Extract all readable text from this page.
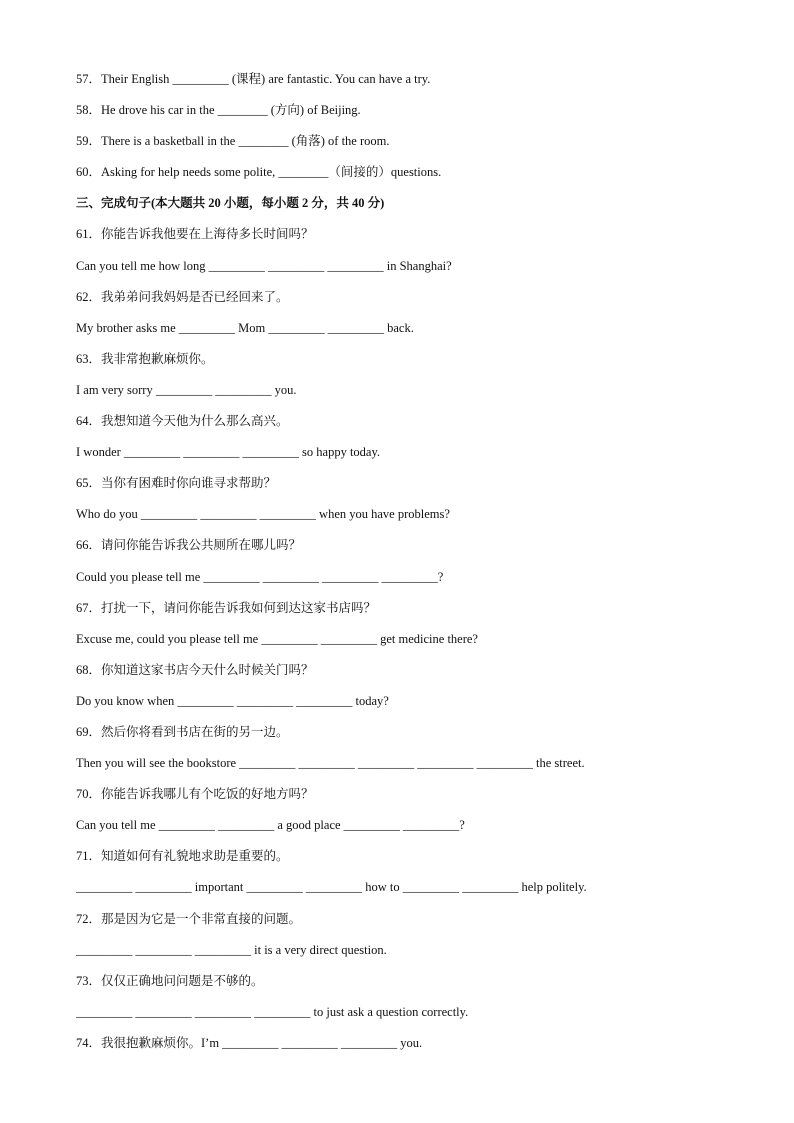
57．Their English _________ (课程) are fantastic. You can have a try.
58．He drove his car in the ________ (方向) of Beijing.
59．There is a basketball in the ________ (角落) of the room.
60．Asking for help needs some polite, ________（间接的）questions.
三、完成句子(本大题共 20 小题，每小题 2 分，共 40 分)
61．你能告诉我他要在上海待多长时间吗？
Can you tell me how long _________ _________ _________ in Shanghai?
62．我弟弟问我妈妈是否已经回来了。
My brother asks me _________ Mom _________ _________ back.
63．我非常抱歉麻烦你。
I am very sorry _________ _________ you.
64．我想知道今天他为什么那么高兴。
I wonder _________ _________ _________ so happy today.
65．当你有困难时你向谁寻求帮助？
Who do you _________ _________ _________ when you have problems?
66．请问你能告诉我公共厕所在哪儿吗？
Could you please tell me _________ _________ _________ _________?
67．打扰一下，请问你能告诉我如何到达这家书店吗？
Excuse me, could you please tell me _________ _________ get medicine there?
68．你知道这家书店今天什么时候关门吗？
Do you know when _________ _________ _________ today?
69．然后你将看到书店在街的另一边。
Then you will see the bookstore _________ _________ _________ _________ _________ the street.
70．你能告诉我哪儿有个吃饭的好地方吗？
Can you tell me _________ _________ a good place _________ _________?
71．知道如何有礼貌地求助是重要的。
_________ _________ important _________ _________ how to _________ _________ help politely.
72．那是因为它是一个非常直接的问题。
_________ _________ _________ it is a very direct question.
73．仅仅正确地问问题是不够的。
_________ _________ _________ _________ to just ask a question correctly.
74．我很抱歉麻烦你。I’m _________ _________ _________ you.
